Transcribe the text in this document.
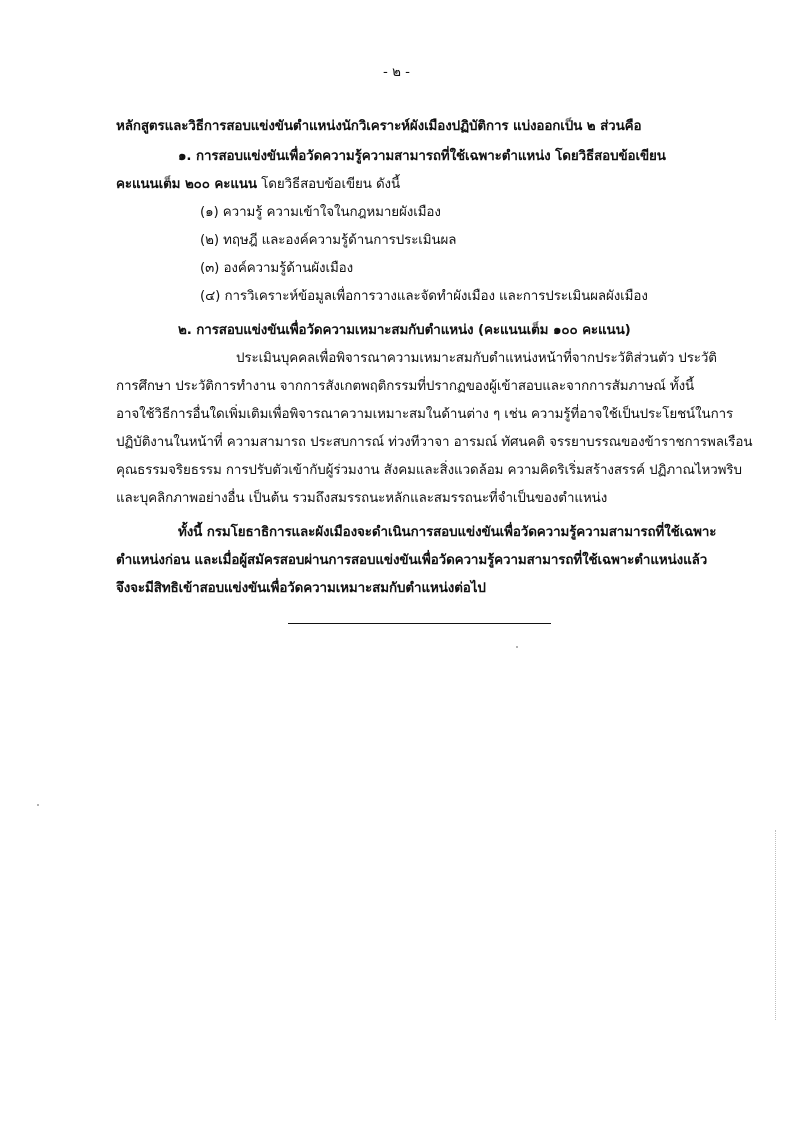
- ๒ -
หลักสูตรและวิธีการสอบแข่งขันตำแหน่งนักวิเคราะห์ผังเมืองปฏิบัติการ แบ่งออกเป็น ๒ ส่วนคือ
๑. การสอบแข่งขันเพื่อวัดความรู้ความสามารถที่ใช้เฉพาะตำแหน่ง โดยวิธีสอบข้อเขียน
คะแนนเต็ม ๒๐๐ คะแนน โดยวิธีสอบข้อเขียน ดังนี้
(๑) ความรู้ ความเข้าใจในกฎหมายผังเมือง
(๒) ทฤษฎี และองค์ความรู้ด้านการประเมินผล
(๓) องค์ความรู้ด้านผังเมือง
(๔) การวิเคราะห์ข้อมูลเพื่อการวางและจัดทำผังเมือง และการประเมินผลผังเมือง
๒. การสอบแข่งขันเพื่อวัดความเหมาะสมกับตำแหน่ง (คะแนนเต็ม ๑๐๐ คะแนน)
ประเมินบุคคลเพื่อพิจารณาความเหมาะสมกับตำแหน่งหน้าที่จากประวัติส่วนตัว ประวัติ
การศึกษา ประวัติการทำงาน จากการสังเกตพฤติกรรมที่ปรากฏของผู้เข้าสอบและจากการสัมภาษณ์ ทั้งนี้
อาจใช้วิธีการอื่นใดเพิ่มเติมเพื่อพิจารณาความเหมาะสมในด้านต่าง ๆ เช่น ความรู้ที่อาจใช้เป็นประโยชน์ในการ
ปฏิบัติงานในหน้าที่ ความสามารถ ประสบการณ์ ท่วงทีวาจา อารมณ์ ทัศนคติ จรรยาบรรณของข้าราชการพลเรือน
คุณธรรมจริยธรรม การปรับตัวเข้ากับผู้ร่วมงาน สังคมและสิ่งแวดล้อม ความคิดริเริ่มสร้างสรรค์ ปฏิภาณไหวพริบ
และบุคลิกภาพอย่างอื่น เป็นต้น รวมถึงสมรรถนะหลักและสมรรถนะที่จำเป็นของตำแหน่ง
ทั้งนี้ กรมโยธาธิการและผังเมืองจะดำเนินการสอบแข่งขันเพื่อวัดความรู้ความสามารถที่ใช้เฉพาะ
ตำแหน่งก่อน และเมื่อผู้สมัครสอบผ่านการสอบแข่งขันเพื่อวัดความรู้ความสามารถที่ใช้เฉพาะตำแหน่งแล้ว
จึงจะมีสิทธิเข้าสอบแข่งขันเพื่อวัดความเหมาะสมกับตำแหน่งต่อไป
